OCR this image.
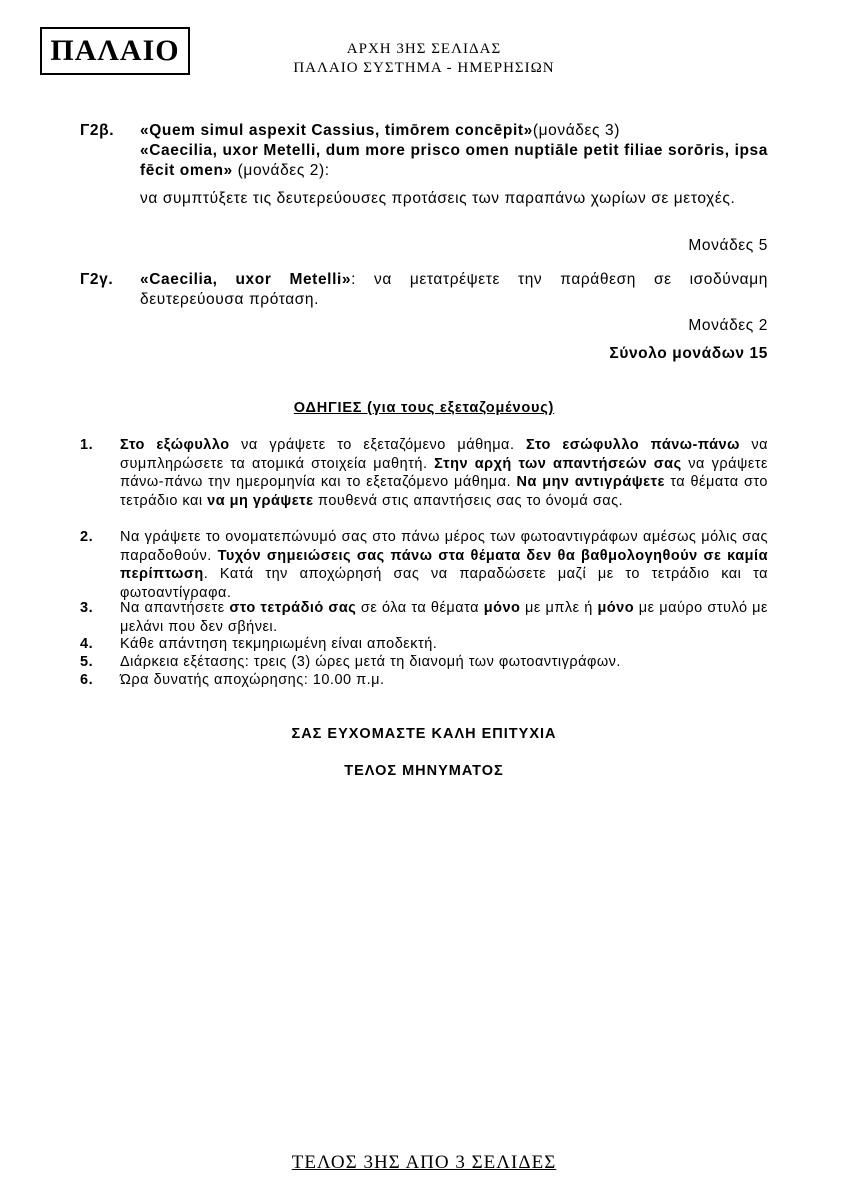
ΠΑΛΑΙΟ	ΑΡΧΗ 3ΗΣ ΣΕΛΙΔΑΣ
ΠΑΛΑΙΟ ΣΥΣΤΗΜΑ - ΗΜΕΡΗΣΙΩΝ
Γ2β. «Quem simul aspexit Cassius, timōrem concēpit»(μονάδες 3)
«Caecilia, uxor Metelli, dum more prisco omen nuptiāle petit filiae sorōris, ipsa fēcit omen» (μονάδες 2):

να συμπτύξετε τις δευτερεύουσες προτάσεις των παραπάνω χωρίων σε μετοχές.

Μονάδες 5
Γ2γ. «Caecilia, uxor Metelli»: να μετατρέψετε την παράθεση σε ισοδύναμη δευτερεύουσα πρόταση.

Μονάδες 2
Σύνολο μονάδων 15
ΟΔΗΓΙΕΣ (για τους εξεταζομένους)
1. Στο εξώφυλλο να γράψετε το εξεταζόμενο μάθημα. Στο εσώφυλλο πάνω-πάνω να συμπληρώσετε τα ατομικά στοιχεία μαθητή. Στην αρχή των απαντήσεών σας να γράψετε πάνω-πάνω την ημερομηνία και το εξεταζόμενο μάθημα. Να μην αντιγράψετε τα θέματα στο τετράδιο και να μη γράψετε πουθενά στις απαντήσεις σας το όνομά σας.
2. Να γράψετε το ονοματεπώνυμό σας στο πάνω μέρος των φωτοαντιγράφων αμέσως μόλις σας παραδοθούν. Τυχόν σημειώσεις σας πάνω στα θέματα δεν θα βαθμολογηθούν σε καμία περίπτωση. Κατά την αποχώρησή σας να παραδώσετε μαζί με το τετράδιο και τα φωτοαντίγραφα.
3. Να απαντήσετε στο τετράδιό σας σε όλα τα θέματα μόνο με μπλε ή μόνο με μαύρο στυλό με μελάνι που δεν σβήνει.
4. Κάθε απάντηση τεκμηριωμένη είναι αποδεκτή.
5. Διάρκεια εξέτασης: τρεις (3) ώρες μετά τη διανομή των φωτοαντιγράφων.
6. Ώρα δυνατής αποχώρησης: 10.00 π.μ.
ΣΑΣ ΕΥΧΟΜΑΣΤΕ ΚΑΛΗ ΕΠΙΤΥΧΙΑ
ΤΕΛΟΣ ΜΗΝΥΜΑΤΟΣ
ΤΕΛΟΣ 3ΗΣ ΑΠΟ 3 ΣΕΛΙΔΕΣ
